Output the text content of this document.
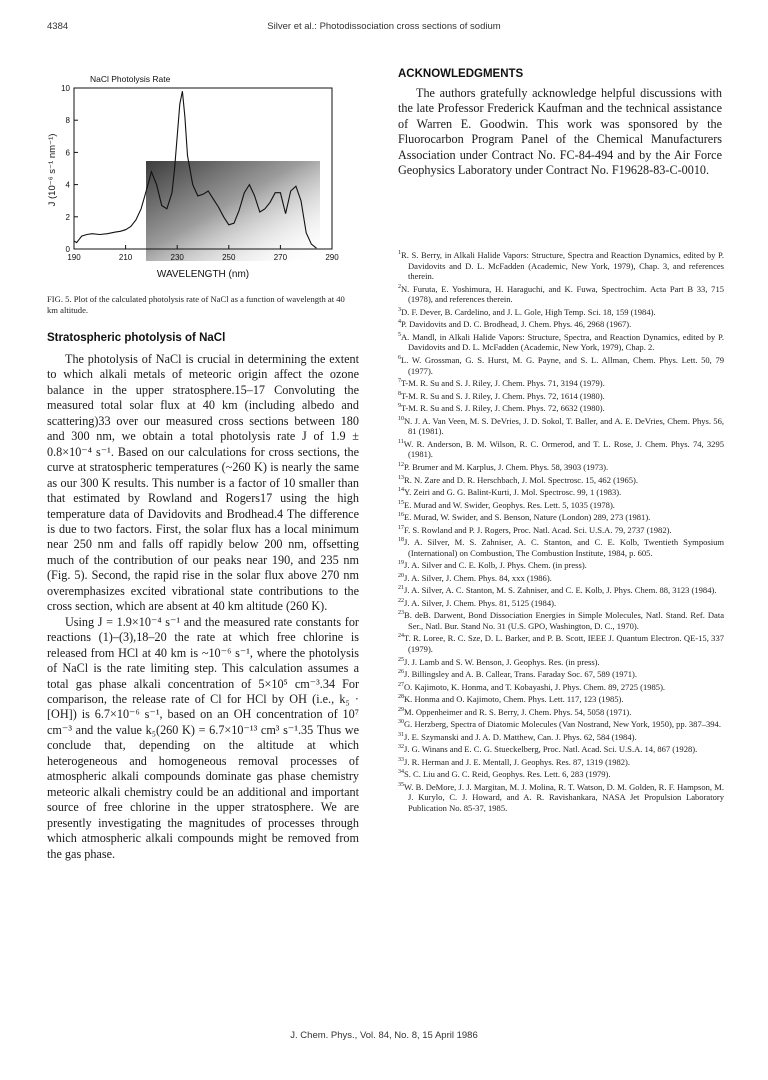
4384	Silver et al.: Photodissociation cross sections of sodium
0
2
4
6
8
10
190	210	230	250	270	290
NaCl Photolysis Rate
WAVELENGTH (nm)
J (10⁻⁶ s⁻¹ nm⁻¹)
FIG. 5. Plot of the calculated photolysis rate of NaCl as a function of wavelength at 40 km altitude.
Stratospheric photolysis of NaCl

The photolysis of NaCl is crucial in determining the extent to which alkali metals of meteoric origin affect the ozone balance in the upper stratosphere.15–17 Convoluting the measured total solar flux at 40 km (including albedo and scattering)33 over our measured cross sections between 180 and 300 nm, we obtain a total photolysis rate J of 1.9 ± 0.8×10⁻⁴ s⁻¹. Based on our calculations for cross sections, the curve at stratospheric temperatures (~260 K) is nearly the same as our 300 K results. This number is a factor of 10 smaller than that estimated by Rowland and Rogers17 using the high temperature data of Davidovits and Brodhead.4 The difference is due to two factors. First, the solar flux has a local minimum near 250 nm and falls off rapidly below 200 nm, offsetting much of the contribution of our peaks near 190, and 235 nm (Fig. 5). Second, the rapid rise in the solar flux above 270 nm overemphasizes excited vibrational state contributions to the cross section, which are absent at 40 km altitude (260 K).

Using J = 1.9×10⁻⁴ s⁻¹ and the measured rate constants for reactions (1)–(3),18–20 the rate at which free chlorine is released from HCl at 40 km is ~10⁻⁶ s⁻¹, where the photolysis of NaCl is the rate limiting step. This calculation assumes a total gas phase alkali concentration of 5×10⁵ cm⁻³.34 For comparison, the release rate of Cl for HCl by OH (i.e., k₅ · [OH]) is 6.7×10⁻⁶ s⁻¹, based on an OH concentration of 10⁷ cm⁻³ and the value k₅(260 K) = 6.7×10⁻¹³ cm³ s⁻¹.35 Thus we conclude that, depending on the altitude at which heterogeneous and homogeneous removal processes of atmospheric alkali compounds dominate gas phase chemistry meteoric alkali chemistry could be an additional and important source of free chlorine in the upper stratosphere. We are presently investigating the magnitudes of processes through which atmospheric alkali compounds might be removed from the gas phase.

ACKNOWLEDGMENTS

The authors gratefully acknowledge helpful discussions with the late Professor Frederick Kaufman and the technical assistance of Warren E. Goodwin. This work was sponsored by the Fluorocarbon Program Panel of the Chemical Manufacturers Association under Contract No. FC-84-494 and by the Air Force Geophysics Laboratory under Contract No. F19628-83-C-0010.

$^1$R. S. Berry, in Alkali Halide Vapors: Structure, Spectra and Reaction Dynamics, edited by P. Davidovits and D. L. McFadden (Academic, New York, 1979), Chap. 3, and references therein.
$^2$N. Furuta, E. Yoshimura, H. Haraguchi, and K. Fuwa, Spectrochim. Acta Part B 33, 715 (1978), and references therein.
$^3$D. F. Dever, B. Cardelino, and J. L. Gole, High Temp. Sci. 18, 159 (1984).
$^4$P. Davidovits and D. C. Brodhead, J. Chem. Phys. 46, 2968 (1967).
$^5$A. Mandl, in Alkali Halide Vapors: Structure, Spectra, and Reaction Dynamics, edited by P. Davidovits and D. L. McFadden (Academic, New York, 1979), Chap. 2.
$^6$L. W. Grossman, G. S. Hurst, M. G. Payne, and S. L. Allman, Chem. Phys. Lett. 50, 79 (1977).
$^7$T-M. R. Su and S. J. Riley, J. Chem. Phys. 71, 3194 (1979).
$^8$T-M. R. Su and S. J. Riley, J. Chem. Phys. 72, 1614 (1980).
$^9$T-M. R. Su and S. J. Riley, J. Chem. Phys. 72, 6632 (1980).
$^{10}$N. J. A. Van Veen, M. S. DeVries, J. D. Sokol, T. Baller, and A. E. DeVries, Chem. Phys. 56, 81 (1981).
$^{11}$W. R. Anderson, B. M. Wilson, R. C. Ormerod, and T. L. Rose, J. Chem. Phys. 74, 3295 (1981).
$^{12}$P. Brumer and M. Karplus, J. Chem. Phys. 58, 3903 (1973).
$^{13}$R. N. Zare and D. R. Herschbach, J. Mol. Spectrosc. 15, 462 (1965).
$^{14}$Y. Zeiri and G. G. Balint-Kurti, J. Mol. Spectrosc. 99, 1 (1983).
$^{15}$E. Murad and W. Swider, Geophys. Res. Lett. 5, 1035 (1978).
$^{16}$E. Murad, W. Swider, and S. Benson, Nature (London) 289, 273 (1981).
$^{17}$F. S. Rowland and P. J. Rogers, Proc. Natl. Acad. Sci. U.S.A. 79, 2737 (1982).
$^{18}$J. A. Silver, M. S. Zahniser, A. C. Stanton, and C. E. Kolb, Twentieth Symposium (International) on Combustion, The Combustion Institute, 1984, p. 605.
$^{19}$J. A. Silver and C. E. Kolb, J. Phys. Chem. (in press).
$^{20}$J. A. Silver, J. Chem. Phys. 84, xxx (1986).
$^{21}$J. A. Silver, A. C. Stanton, M. S. Zahniser, and C. E. Kolb, J. Phys. Chem. 88, 3123 (1984).
$^{22}$J. A. Silver, J. Chem. Phys. 81, 5125 (1984).
$^{23}$B. deB. Darwent, Bond Dissociation Energies in Simple Molecules, Natl. Stand. Ref. Data Ser., Natl. Bur. Stand No. 31 (U.S. GPO, Washington, D. C., 1970).
$^{24}$T. R. Loree, R. C. Sze, D. L. Barker, and P. B. Scott, IEEE J. Quantum Electron. QE-15, 337 (1979).
$^{25}$J. J. Lamb and S. W. Benson, J. Geophys. Res. (in press).
$^{26}$J. Billingsley and A. B. Callear, Trans. Faraday Soc. 67, 589 (1971).
$^{27}$O. Kajimoto, K. Honma, and T. Kobayashi, J. Phys. Chem. 89, 2725 (1985).
$^{28}$K. Honma and O. Kajimoto, Chem. Phys. Lett. 117, 123 (1985).
$^{29}$M. Oppenheimer and R. S. Berry, J. Chem. Phys. 54, 5058 (1971).
$^{30}$G. Herzberg, Spectra of Diatomic Molecules (Van Nostrand, New York, 1950), pp. 387–394.
$^{31}$J. E. Szymanski and J. A. D. Matthew, Can. J. Phys. 62, 584 (1984).
$^{32}$J. G. Winans and E. C. G. Stueckelberg, Proc. Natl. Acad. Sci. U.S.A. 14, 867 (1928).
$^{33}$J. R. Herman and J. E. Mentall, J. Geophys. Res. 87, 1319 (1982).
$^{34}$S. C. Liu and G. C. Reid, Geophys. Res. Lett. 6, 283 (1979).
$^{35}$W. B. DeMore, J. J. Margitan, M. J. Molina, R. T. Watson, D. M. Golden, R. F. Hampson, M. J. Kurylo, C. J. Howard, and A. R. Ravishankara, NASA Jet Propulsion Laboratory Publication No. 85-37, 1985.
J. Chem. Phys., Vol. 84, No. 8, 15 April 1986
